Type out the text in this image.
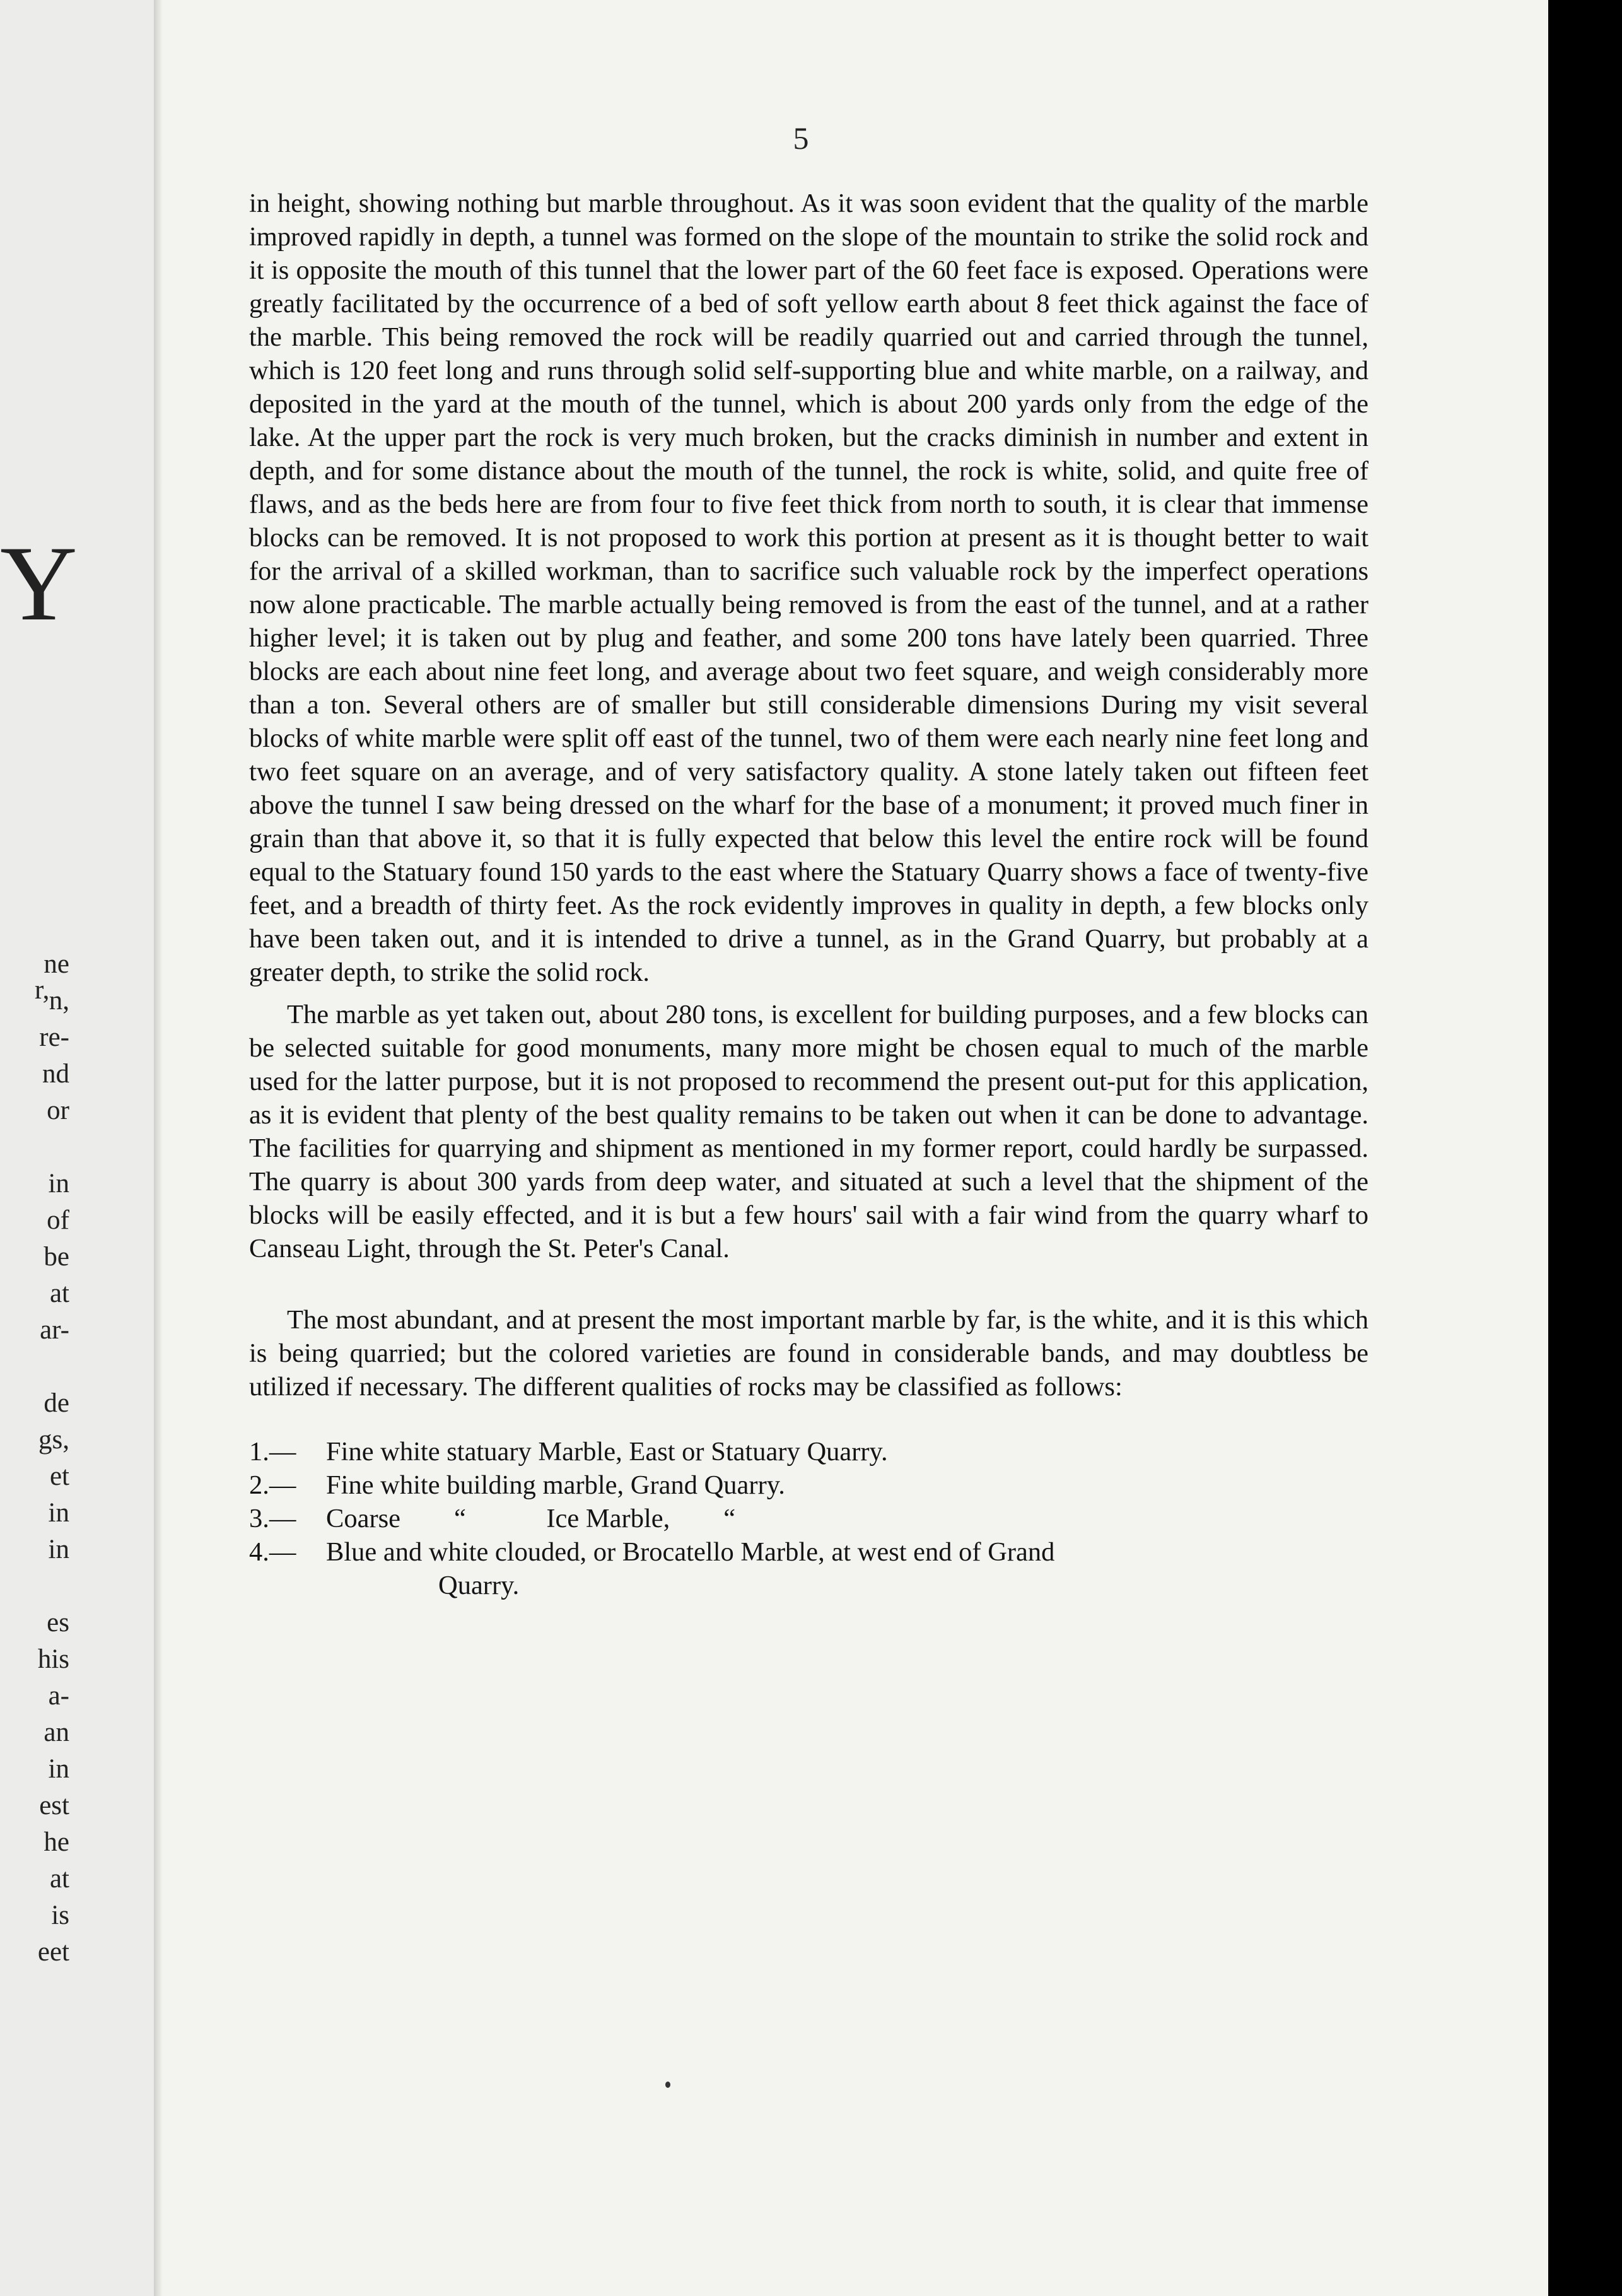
Y
r,
ne
n,
re-
nd
or

in
of
be
at
ar-

de
gs,
et
in
in

es
his
a-
an
in
est
he
at
is
eet
5

in height, showing nothing but marble throughout. As it was soon evident that the quality of the marble improved rapidly in depth, a tunnel was formed on the slope of the mountain to strike the solid rock and it is opposite the mouth of this tunnel that the lower part of the 60 feet face is exposed. Operations were greatly facilitated by the occurrence of a bed of soft yellow earth about 8 feet thick against the face of the marble. This being removed the rock will be readily quarried out and carried through the tunnel, which is 120 feet long and runs through solid self-supporting blue and white marble, on a railway, and deposited in the yard at the mouth of the tunnel, which is about 200 yards only from the edge of the lake. At the upper part the rock is very much broken, but the cracks diminish in number and extent in depth, and for some distance about the mouth of the tunnel, the rock is white, solid, and quite free of flaws, and as the beds here are from four to five feet thick from north to south, it is clear that immense blocks can be removed. It is not proposed to work this portion at present as it is thought better to wait for the arrival of a skilled workman, than to sacrifice such valuable rock by the imperfect operations now alone practicable. The marble actually being removed is from the east of the tunnel, and at a rather higher level; it is taken out by plug and feather, and some 200 tons have lately been quarried. Three blocks are each about nine feet long, and average about two feet square, and weigh considerably more than a ton. Several others are of smaller but still considerable dimensions During my visit several blocks of white marble were split off east of the tunnel, two of them were each nearly nine feet long and two feet square on an average, and of very satisfactory quality. A stone lately taken out fifteen feet above the tunnel I saw being dressed on the wharf for the base of a monument; it proved much finer in grain than that above it, so that it is fully expected that below this level the entire rock will be found equal to the Statuary found 150 yards to the east where the Statuary Quarry shows a face of twenty-five feet, and a breadth of thirty feet. As the rock evidently improves in quality in depth, a few blocks only have been taken out, and it is intended to drive a tunnel, as in the Grand Quarry, but probably at a greater depth, to strike the solid rock.

The marble as yet taken out, about 280 tons, is excellent for building purposes, and a few blocks can be selected suitable for good monuments, many more might be chosen equal to much of the marble used for the latter purpose, but it is not proposed to recommend the present out-put for this application, as it is evident that plenty of the best quality remains to be taken out when it can be done to advantage. The facilities for quarrying and shipment as mentioned in my former report, could hardly be surpassed. The quarry is about 300 yards from deep water, and situated at such a level that the shipment of the blocks will be easily effected, and it is but a few hours' sail with a fair wind from the quarry wharf to Canseau Light, through the St. Peter's Canal.

The most abundant, and at present the most important marble by far, is the white, and it is this which is being quarried; but the colored varieties are found in considerable bands, and may doubtless be utilized if necessary. The different qualities of rocks may be classified as follows:

1.—	Fine white statuary Marble, East or Statuary Quarry.
2.—	Fine white building marble, Grand Quarry.
3.—	Coarse        “            Ice Marble,        “
4.—	Blue and white clouded, or Brocatello Marble, at west end of Grand
Quarry.
